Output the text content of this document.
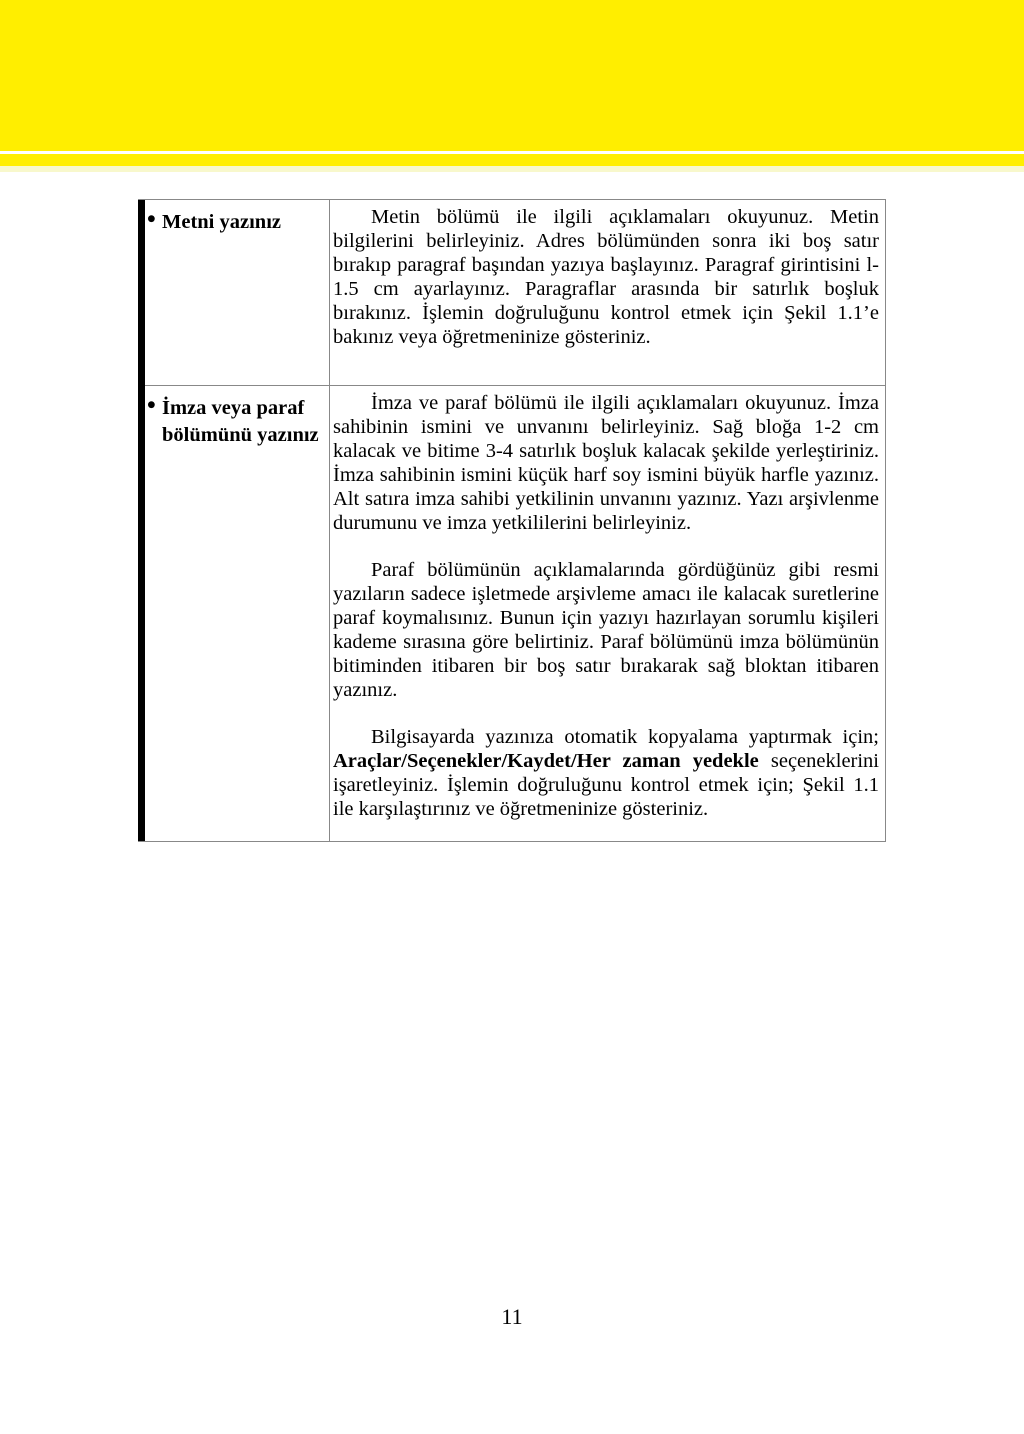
• Metni yazınız	Metin bölümü ile ilgili açıklamaları okuyunuz. Metin bilgilerini belirleyiniz. Adres bölümünden sonra iki boş satır bırakıp paragraf başından yazıya başlayınız. Paragraf girintisini l-1.5 cm ayarlayınız. Paragraflar arasında bir satırlık boşluk bırakınız. İşlemin doğruluğunu kontrol etmek için Şekil 1.1’e bakınız veya öğretmeninize gösteriniz.

• İmza veya paraf bölümünü yazınız

İmza ve paraf bölümü ile ilgili açıklamaları okuyunuz. İmza sahibinin ismini ve unvanını belirleyiniz. Sağ bloğa 1-2 cm kalacak ve bitime 3-4 satırlık boşluk kalacak şekilde yerleştiriniz. İmza sahibinin ismini küçük harf soy ismini büyük harfle yazınız. Alt satıra imza sahibi yetkilinin unvanını yazınız. Yazı arşivlenme durumunu ve imza yetkililerini belirleyiniz.

Paraf bölümünün açıklamalarında gördüğünüz gibi resmi yazıların sadece işletmede arşivleme amacı ile kalacak suretlerine paraf koymalısınız. Bunun için yazıyı hazırlayan sorumlu kişileri kademe sırasına göre belirtiniz. Paraf bölümünü imza bölümünün bitiminden itibaren bir boş satır bırakarak sağ bloktan itibaren yazınız.

Bilgisayarda yazınıza otomatik kopyalama yaptırmak için; Araçlar/Seçenekler/Kaydet/Her zaman yedekle seçeneklerini işaretleyiniz. İşlemin doğruluğunu kontrol etmek için; Şekil 1.1 ile karşılaştırınız ve öğretmeninize gösteriniz.

11
